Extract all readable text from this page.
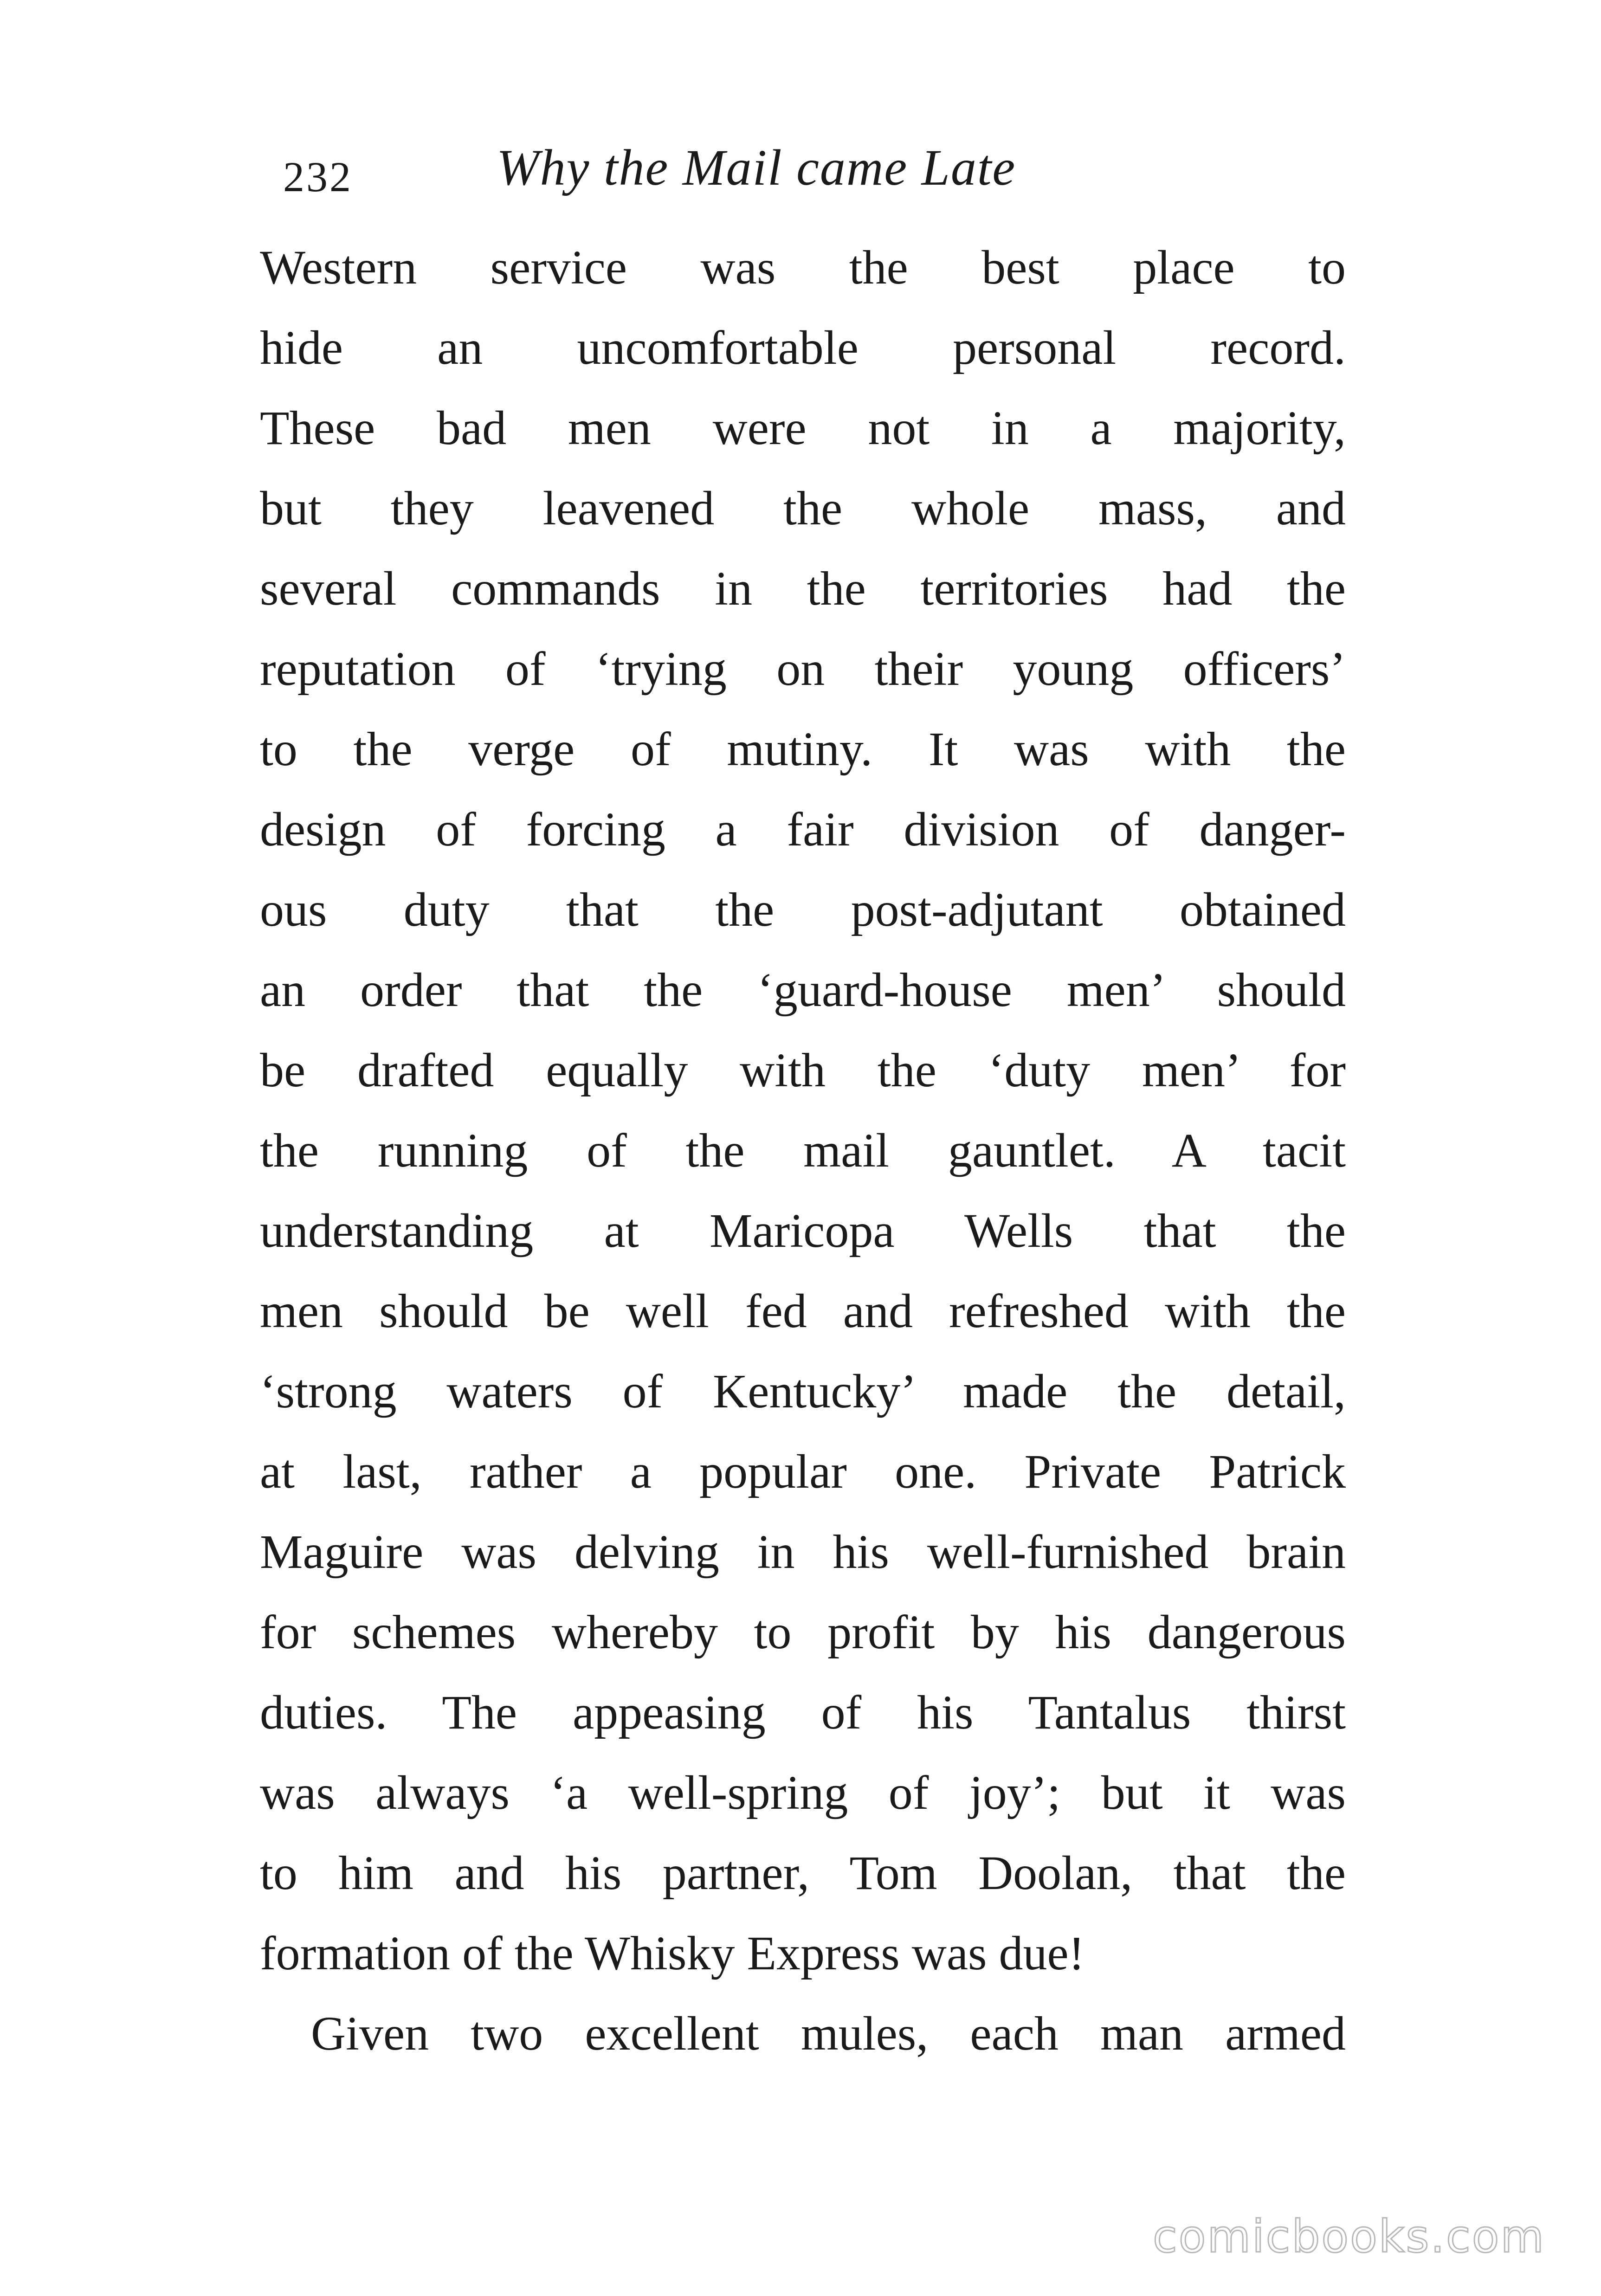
232	Why the Mail came Late
Western service was the best place to
hide an uncomfortable personal record.
These bad men were not in a majority,
but they leavened the whole mass, and
several commands in the territories had the
reputation of ‘trying on their young officers’
to the verge of mutiny. It was with the
design of forcing a fair division of danger-
ous duty that the post-adjutant obtained
an order that the ‘guard-house men’ should
be drafted equally with the ‘duty men’ for
the running of the mail gauntlet. A tacit
understanding at Maricopa Wells that the
men should be well fed and refreshed with the
‘strong waters of Kentucky’ made the detail,
at last, rather a popular one. Private Patrick
Maguire was delving in his well-furnished brain
for schemes whereby to profit by his dangerous
duties. The appeasing of his Tantalus thirst
was always ‘a well-spring of joy’; but it was
to him and his partner, Tom Doolan, that the
formation of the Whisky Express was due!
Given two excellent mules, each man armed
comicbooks.com
